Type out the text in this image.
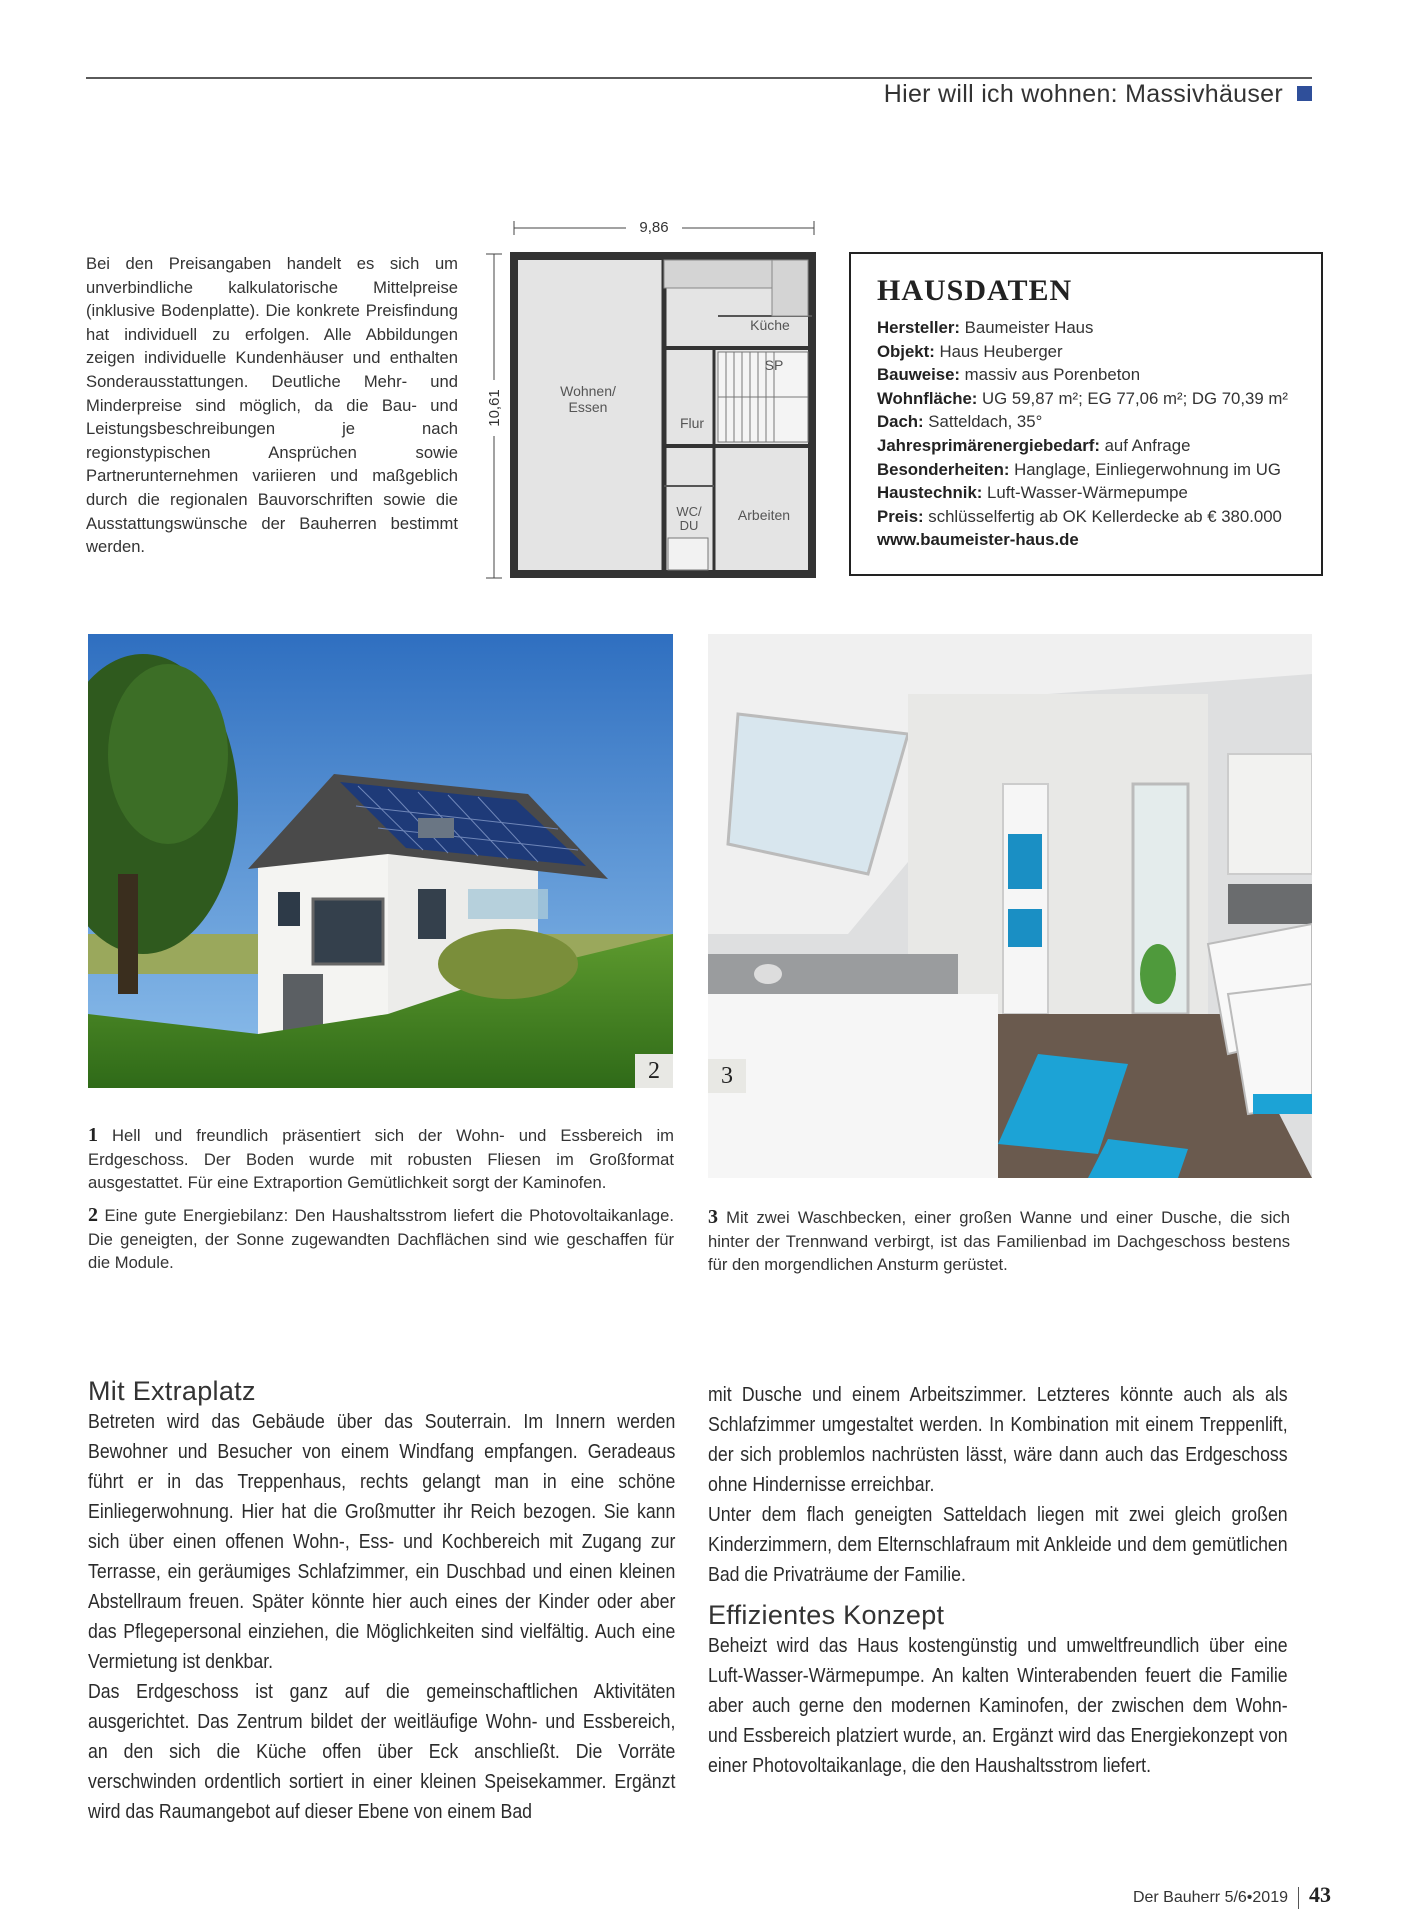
Hier will ich wohnen: Massivhäuser
Bei den Preisangaben handelt es sich um unverbindliche kalkulatorische Mittelpreise (inklusive Bodenplatte). Die konkrete Preisfindung hat individuell zu erfolgen. Alle Abbildungen zeigen individuelle Kundenhäuser und enthalten Sonderausstattungen. Deutliche Mehr- und Minderpreise sind möglich, da die Bau- und Leistungsbeschreibungen je nach regionstypischen Ansprüchen sowie Partnerunternehmen variieren und maßgeblich durch die regionalen Bauvorschriften sowie die Ausstattungswünsche der Bauherren bestimmt werden.
9,86
10,61	Wohnen/
Essen
Küche
SP
Flur
WC/
DU
Arbeiten
HAUSDATEN
Hersteller: Baumeister Haus
Objekt: Haus Heuberger
Bauweise: massiv aus Porenbeton
Wohnfläche: UG 59,87 m²; EG 77,06 m²; DG 70,39 m²
Dach: Satteldach, 35°
Jahresprimärenergiebedarf: auf Anfrage
Besonderheiten: Hanglage, Einliegerwohnung im UG
Haustechnik: Luft-Wasser-Wärmepumpe
Preis: schlüsselfertig ab OK Kellerdecke ab € 380.000
www.baumeister-haus.de
2	3
1 Hell und freundlich präsentiert sich der Wohn- und Essbereich im Erdgeschoss. Der Boden wurde mit robusten Fliesen im Großformat ausgestattet. Für eine Extraportion Gemütlichkeit sorgt der Kaminofen.
2 Eine gute Energiebilanz: Den Haushaltsstrom liefert die Photovoltaikanlage. Die geneigten, der Sonne zugewandten Dachflächen sind wie geschaffen für die Module.
3 Mit zwei Waschbecken, einer großen Wanne und einer Dusche, die sich hinter der Trennwand verbirgt, ist das Familienbad im Dachgeschoss bestens für den morgendlichen Ansturm gerüstet.
Mit Extraplatz
Betreten wird das Gebäude über das Souterrain. Im Innern werden Bewohner und Besucher von einem Windfang empfangen. Geradeaus führt er in das Treppenhaus, rechts gelangt man in eine schöne Einliegerwohnung. Hier hat die Großmutter ihr Reich bezogen. Sie kann sich über einen offenen Wohn-, Ess- und Kochbereich mit Zugang zur Terrasse, ein geräumiges Schlafzimmer, ein Duschbad und einen kleinen Abstellraum freuen. Später könnte hier auch eines der Kinder oder aber das Pflegepersonal einziehen, die Möglichkeiten sind vielfältig. Auch eine Vermietung ist denkbar.
Das Erdgeschoss ist ganz auf die gemeinschaftlichen Aktivitäten ausgerichtet. Das Zentrum bildet der weitläufige Wohn- und Essbereich, an den sich die Küche offen über Eck anschließt. Die Vorräte verschwinden ordentlich sortiert in einer kleinen Speisekammer. Ergänzt wird das Raumangebot auf dieser Ebene von einem Bad
mit Dusche und einem Arbeitszimmer. Letzteres könnte auch als als Schlafzimmer umgestaltet werden. In Kombination mit einem Treppenlift, der sich problemlos nachrüsten lässt, wäre dann auch das Erdgeschoss ohne Hindernisse erreichbar.
Unter dem flach geneigten Satteldach liegen mit zwei gleich großen Kinderzimmern, dem Elternschlafraum mit Ankleide und dem gemütlichen Bad die Privaträume der Familie.
Effizientes Konzept
Beheizt wird das Haus kostengünstig und umweltfreundlich über eine Luft-Wasser-Wärmepumpe. An kalten Winterabenden feuert die Familie aber auch gerne den modernen Kaminofen, der zwischen dem Wohn- und Essbereich platziert wurde, an. Ergänzt wird das Energiekonzept von einer Photovoltaikanlage, die den Haushaltsstrom liefert.
Der Bauherr 5/6•2019 43
